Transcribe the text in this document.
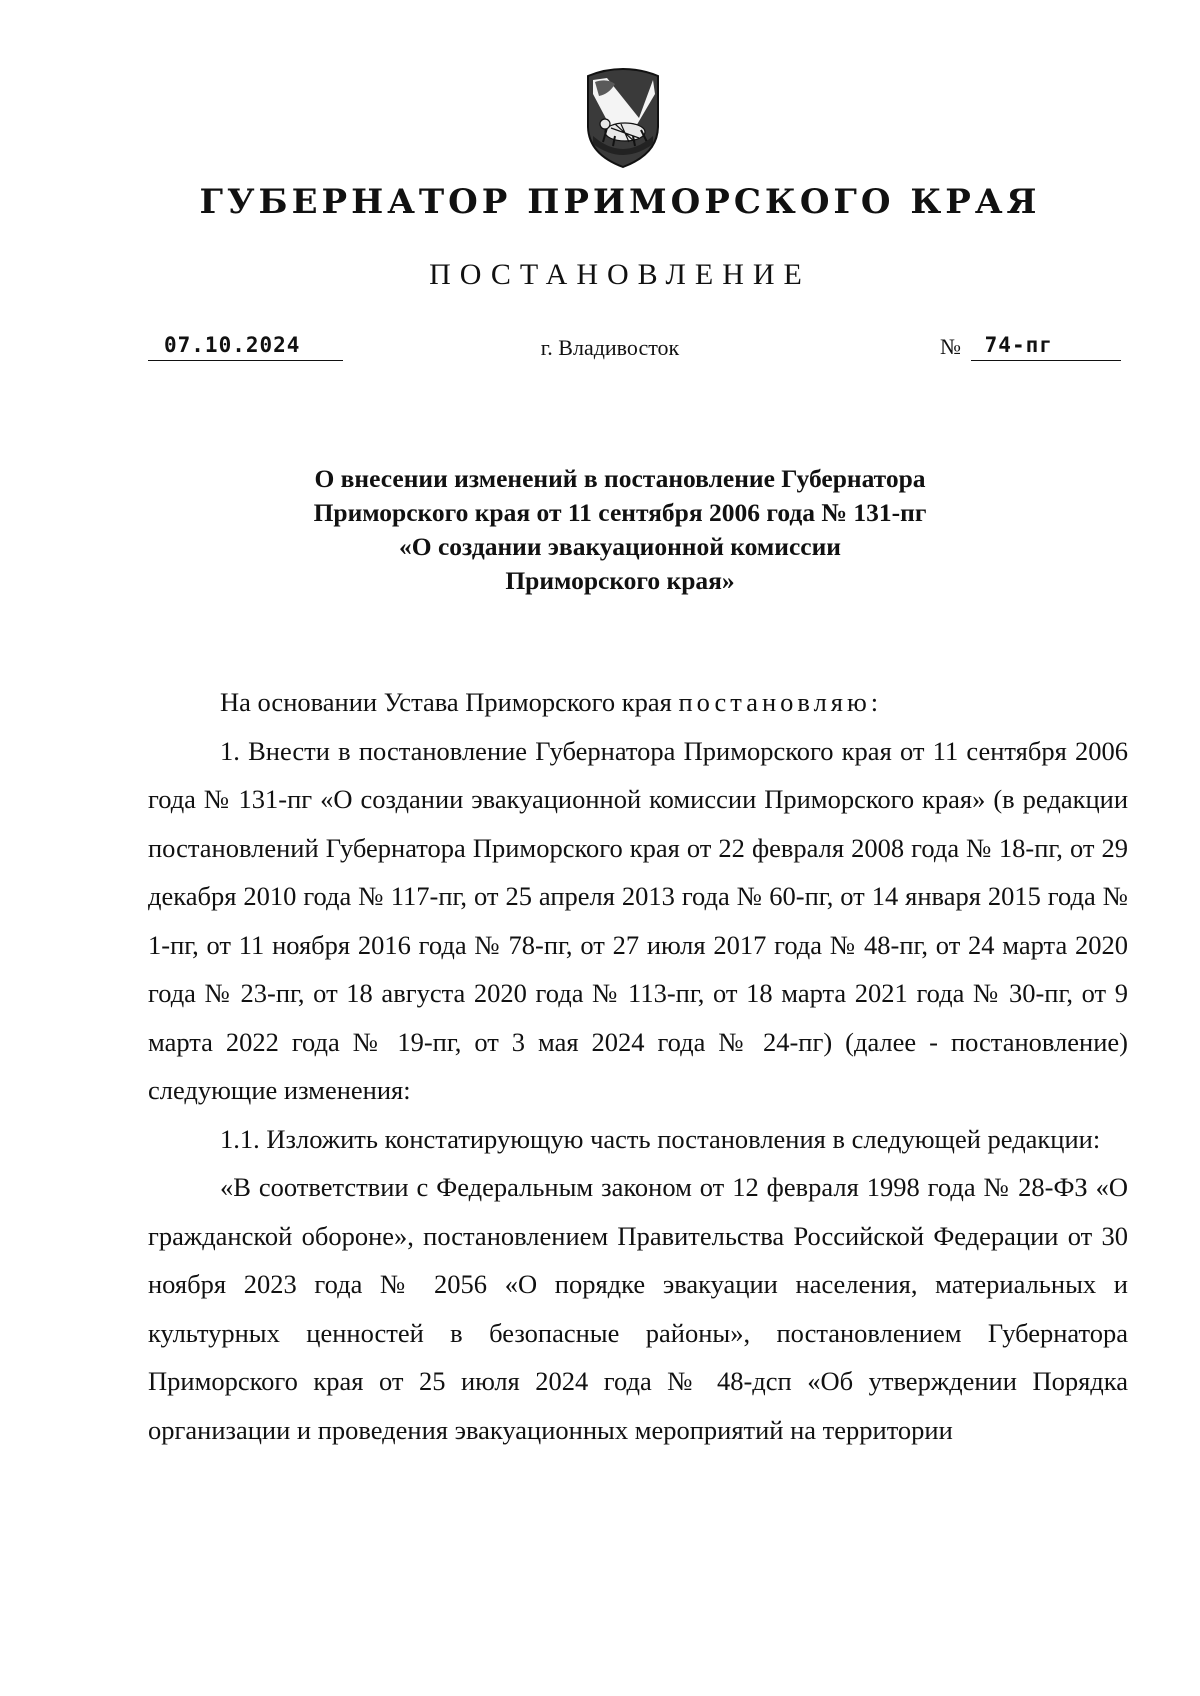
ГУБЕРНАТОР ПРИМОРСКОГО КРАЯ
ПОСТАНОВЛЕНИЕ
07.10.2024	г. Владивосток	№ 74-пг
О внесении изменений в постановление Губернатора
Приморского края от 11 сентября 2006 года № 131-пг
«О создании эвакуационной комиссии
Приморского края»

На основании Устава Приморского края постановляю:

1. Внести в постановление Губернатора Приморского края от 11 сентября 2006 года № 131-пг «О создании эвакуационной комиссии Приморского края» (в редакции постановлений Губернатора Приморского края от 22 февраля 2008 года № 18-пг, от 29 декабря 2010 года № 117-пг, от 25 апреля 2013 года № 60-пг, от 14 января 2015 года № 1-пг, от 11 ноября 2016 года № 78-пг, от 27 июля 2017 года № 48-пг, от 24 марта 2020 года № 23-пг, от 18 августа 2020 года № 113-пг, от 18 марта 2021 года № 30-пг, от 9 марта 2022 года № 19-пг, от 3 мая 2024 года № 24-пг) (далее - постановление) следующие изменения:

1.1. Изложить констатирующую часть постановления в следующей редакции:

«В соответствии с Федеральным законом от 12 февраля 1998 года № 28-ФЗ «О гражданской обороне», постановлением Правительства Российской Федерации от 30 ноября 2023 года № 2056 «О порядке эвакуации населения, материальных и культурных ценностей в безопасные районы», постановлением Губернатора Приморского края от 25 июля 2024 года № 48-дсп «Об утверждении Порядка организации и проведения эвакуационных мероприятий на территории
